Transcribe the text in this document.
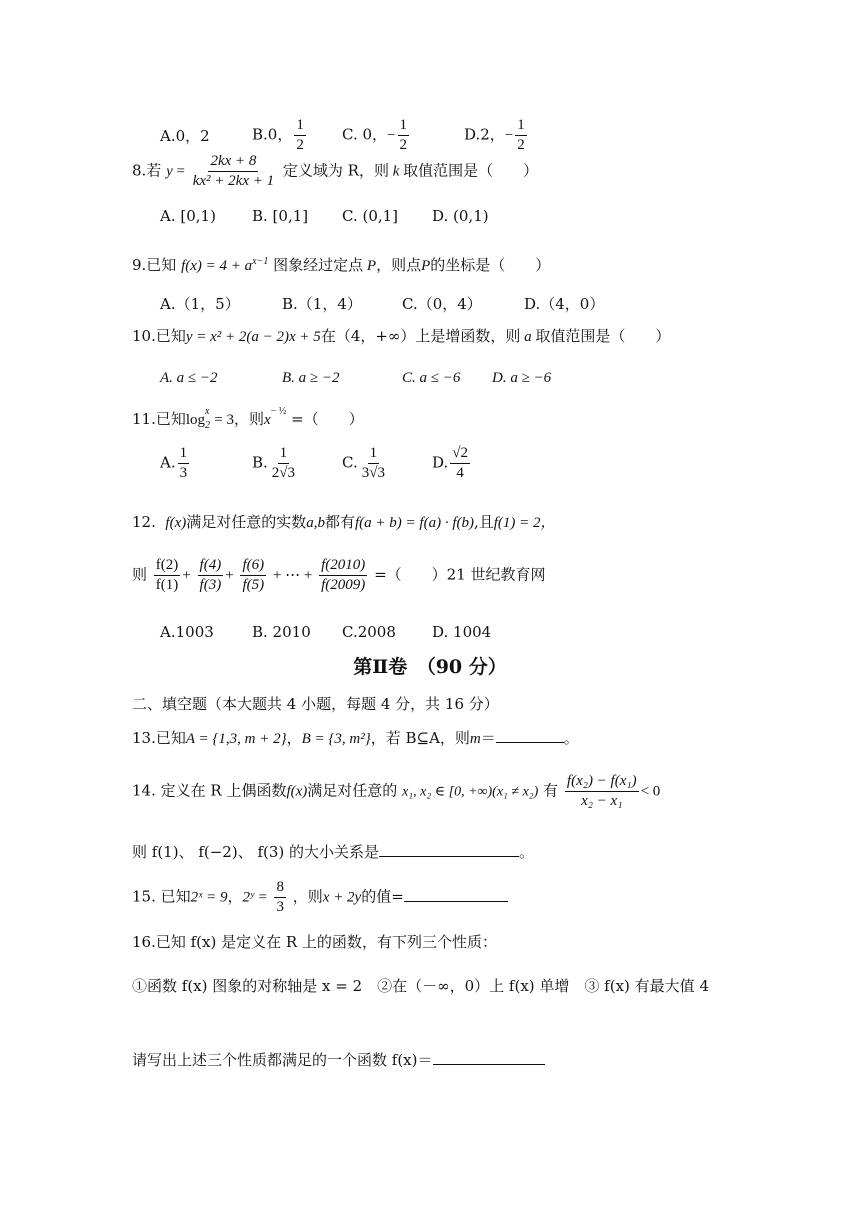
A.0，2	B.0， $\frac{1}{2} C$. 0，− $\frac{1}{2}$	D.2，− $\frac{1}{2}$
8.若 $y = \frac{2kx + 8}{\text{kx² + 2kx + 1}}$ 定义域为 R，则 k 取值范围是（　　）
A. [0,1) B. [0,1] C. (0,1] D. (0,1)
9.已知 $f(x) = 4 + a^{x-1}$ 图象经过定点 P，则点P的坐标是（　　）
A.（1，5）	B.（1，4）	C.（0，4）	D.（4，0）
10.已知y = x² + 2(a − 2)x + 5在（4，+∞）上是增函数，则 a 取值范围是（　　）
A. a ≤ −2	B. a ≥ −2	C. a ≤ −6 D. a ≥ −6
11.已知$\log_2^x = 3$，则$x^{- \frac{1}{2}}$ =（　　）
A. $\frac{1}{3}$	B. $\frac{1}{2√3}$	C. $\frac{1}{3√3}$	D. $\frac{√2}{4}$
12. f(x)满足对任意的实数a,b都有f(a + b) = f(a) · f(b),且f(1) = 2，
则 $\frac{f(2)}{f(1)} + \frac{f(4)}{f(3)} + \frac{f(6)}{f(5)}$ + ⋯ + $\frac{f(2010)}{f(2009)}$ =（　　）21 世纪教育网
A.1003	B. 2010 C.2008 D. 1004
第Ⅱ卷　（90 分）
二、填空题（本大题共 4 小题，每题 4 分，共 16 分）
13.已知A = {1,3, m + 2}，B = {3, m²}，若 B⊆A，则m＝	。
14. 定义在 R 上偶函数f(x)满足对任意的 x₁, x₂ ∈ [0, +∞)(x₁ ≠ x₂) 有 $\frac{\text{f(x₂) − f(x₁)}}{\text{x₂ − x₁}} < 0$
则 f(1)、 f(−2)、 f(3) 的大小关系是	。
15. 已知2ˣ = 9，2ʸ = $\frac{8}{3}$ ，则x + 2y的值=
16.已知 f(x) 是定义在 R 上的函数，有下列三个性质：
①函数 f(x) 图象的对称轴是 x = 2　②在（－∞，0）上 f(x) 单增　③ f(x) 有最大值 4
请写出上述三个性质都满足的一个函数 f(x)＝
